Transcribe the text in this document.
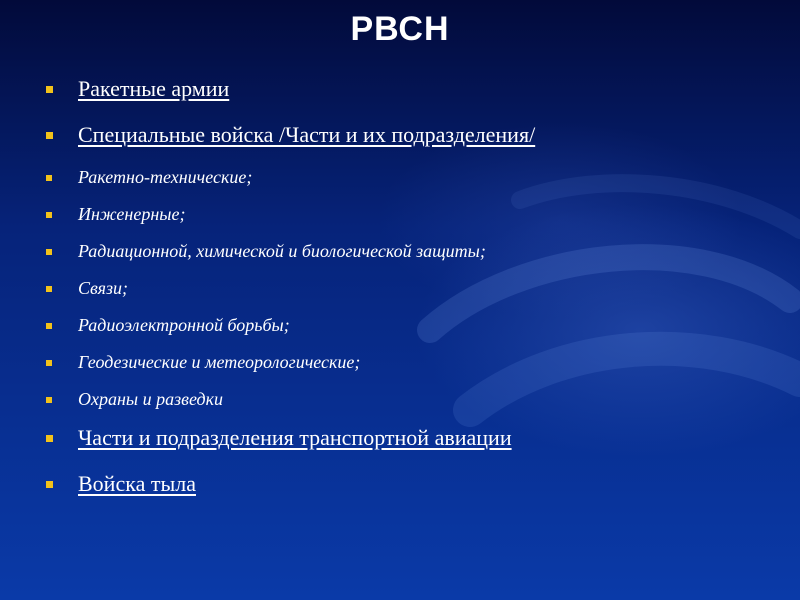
РВСН
Ракетные армии
Специальные войска /Части и их подразделения/
Ракетно-технические;
Инженерные;
Радиационной, химической и биологической защиты;
Связи;
Радиоэлектронной борьбы;
Геодезические и метеорологические;
Охраны и разведки
Части и подразделения транспортной авиации
Войска тыла
